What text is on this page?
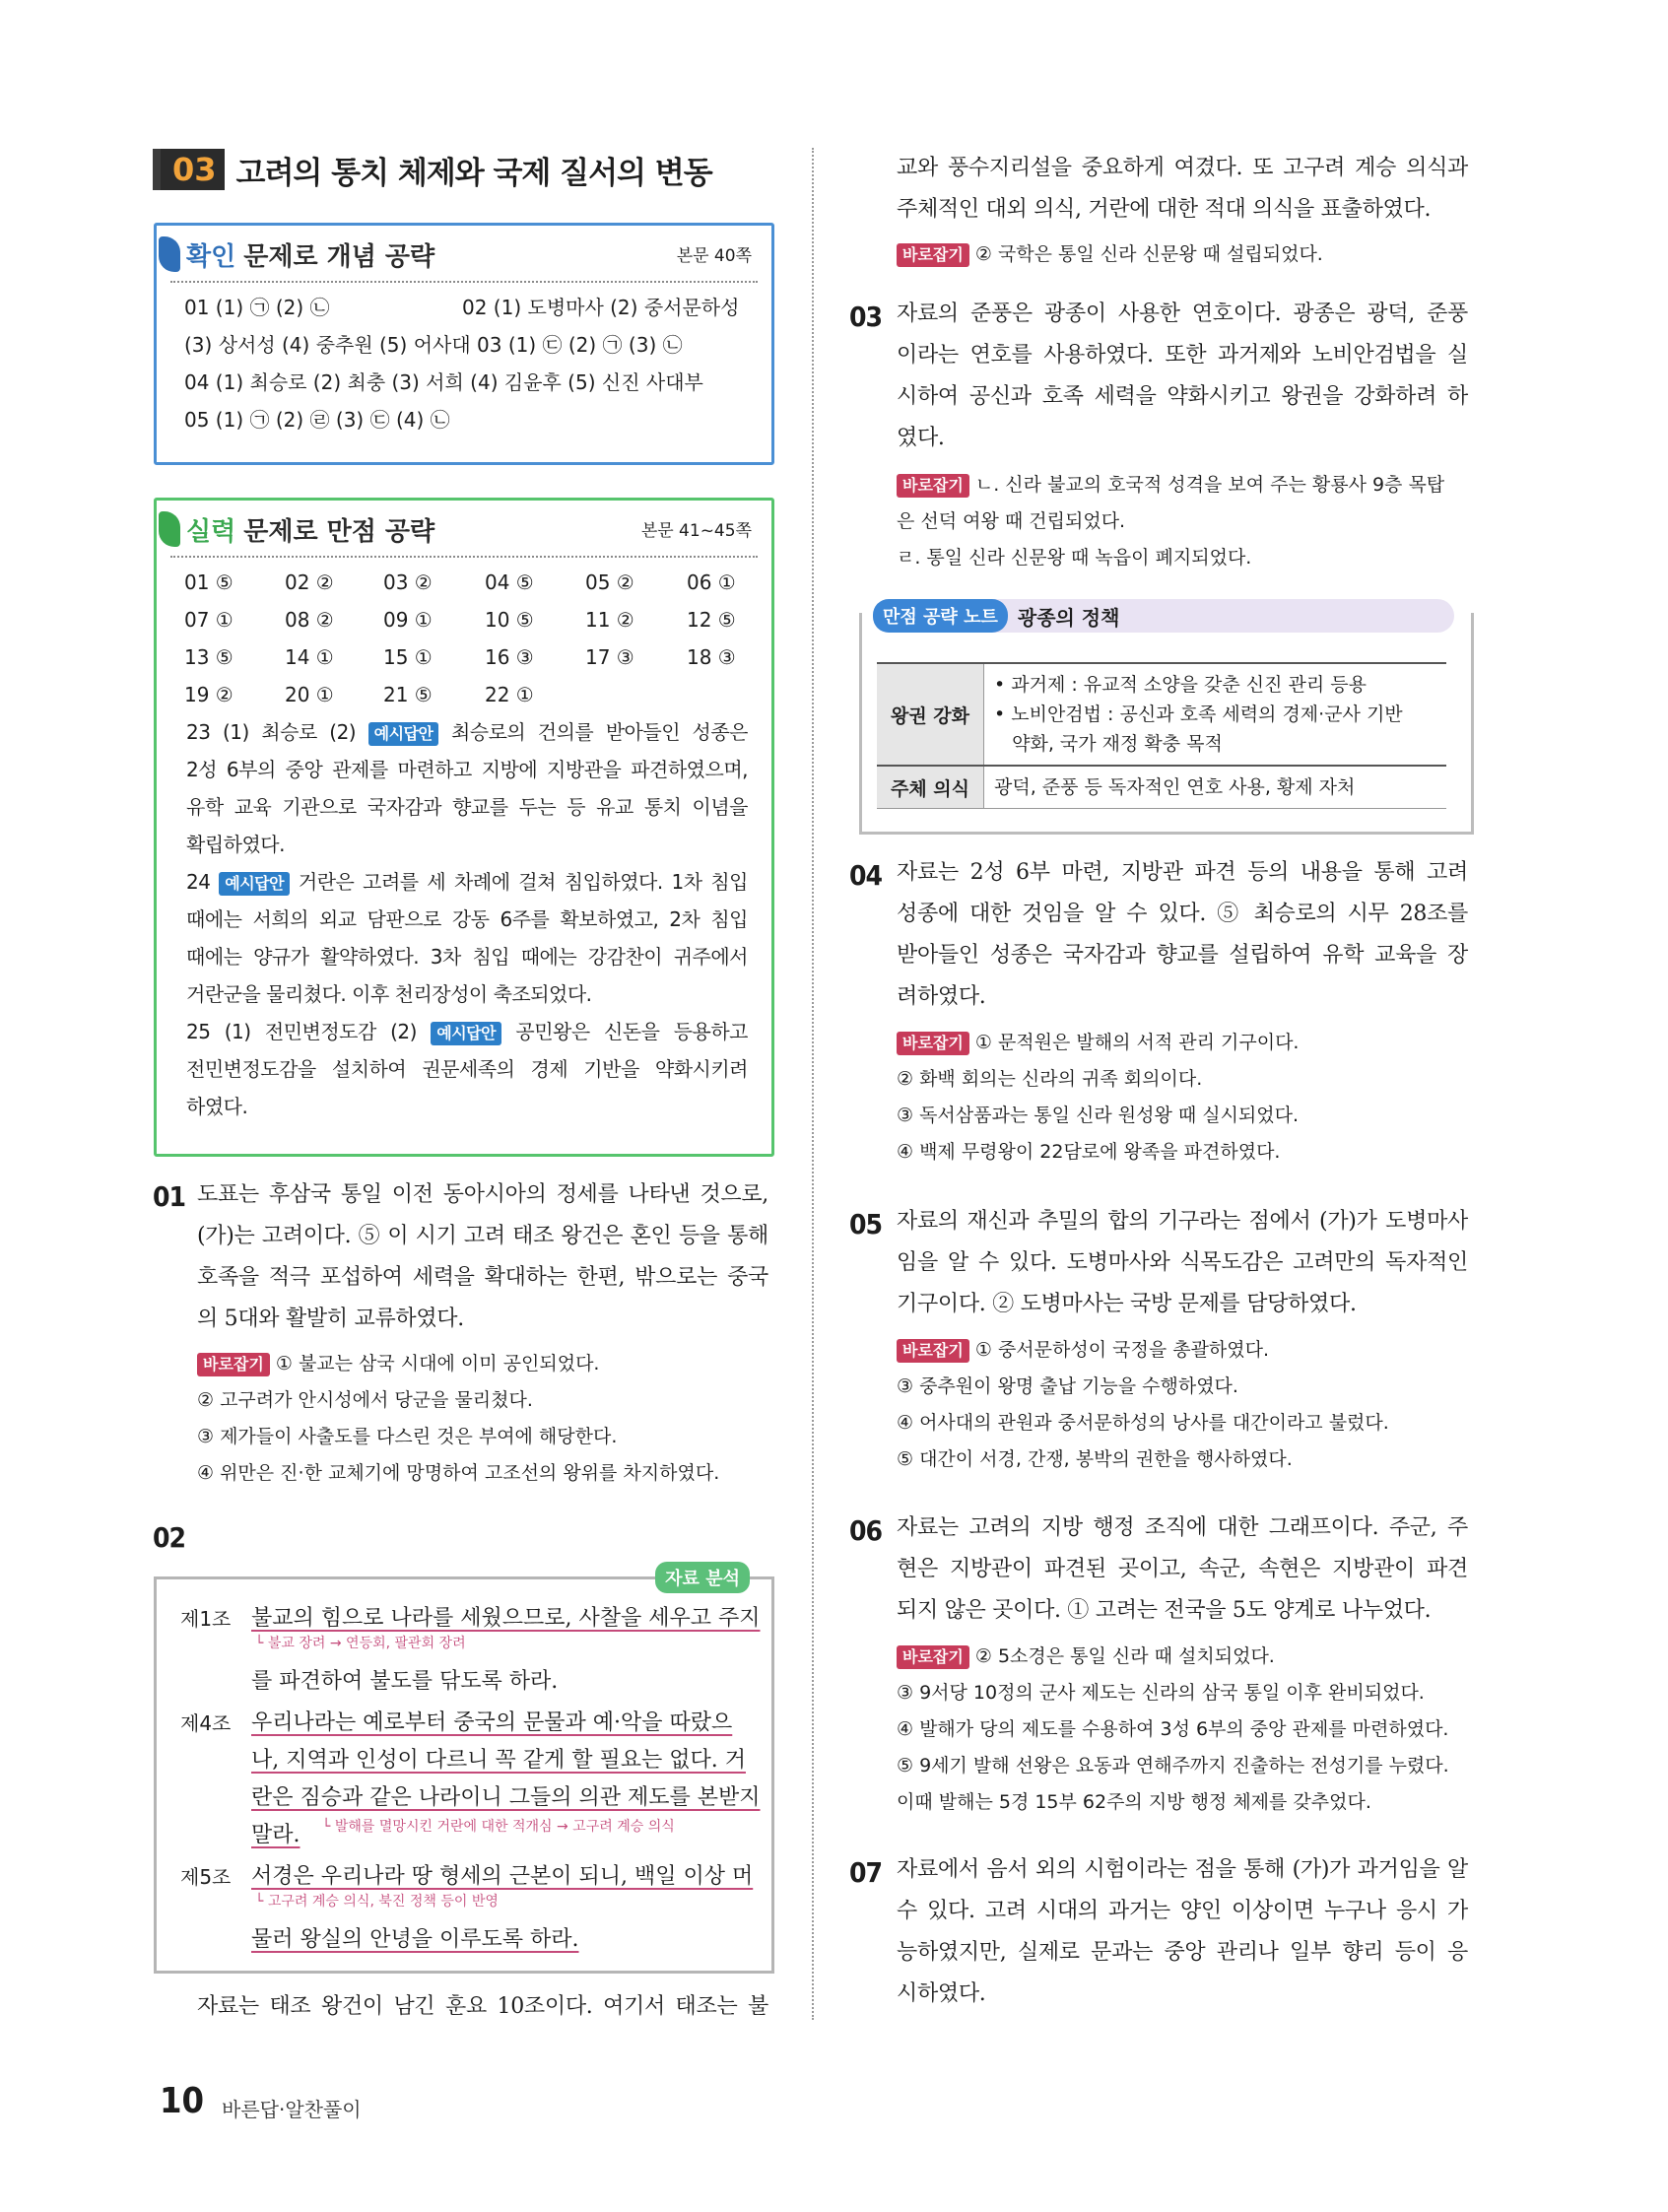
03 고려의 통치 체제와 국제 질서의 변동
확인 문제로 개념 공략	본문 40쪽
01 (1) ㉠ (2) ㉡	02 (1) 도병마사 (2) 중서문하성
(3) 상서성 (4) 중추원 (5) 어사대 03 (1) ㉢ (2) ㉠ (3) ㉡
04 (1) 최승로 (2) 최충 (3) 서희 (4) 김윤후 (5) 신진 사대부
05 (1) ㉠ (2) ㉣ (3) ㉢ (4) ㉡
실력 문제로 만점 공략	본문 41~45쪽
01 ⑤	02 ②	03 ②	04 ⑤	05 ②	06 ①
07 ①	08 ②	09 ①	10 ⑤	11 ②	12 ⑤
13 ⑤	14 ①	15 ①	16 ③	17 ③	18 ③
19 ②	20 ①	21 ⑤	22 ①
23 (1) 최승로 (2) 예시답안 최승로의 건의를 받아들인 성종은
2성 6부의 중앙 관제를 마련하고 지방에 지방관을 파견하였으며,
유학 교육 기관으로 국자감과 향교를 두는 등 유교 통치 이념을
확립하였다.
24 예시답안 거란은 고려를 세 차례에 걸쳐 침입하였다. 1차 침입
때에는 서희의 외교 담판으로 강동 6주를 확보하였고, 2차 침입
때에는 양규가 활약하였다. 3차 침입 때에는 강감찬이 귀주에서
거란군을 물리쳤다. 이후 천리장성이 축조되었다.
25 (1) 전민변정도감 (2) 예시답안 공민왕은 신돈을 등용하고
전민변정도감을 설치하여 권문세족의 경제 기반을 약화시키려
하였다.
01 도표는 후삼국 통일 이전 동아시아의 정세를 나타낸 것으로,
(가)는 고려이다. ⑤ 이 시기 고려 태조 왕건은 혼인 등을 통해
호족을 적극 포섭하여 세력을 확대하는 한편, 밖으로는 중국
의 5대와 활발히 교류하였다.
바로잡기 ① 불교는 삼국 시대에 이미 공인되었다.
② 고구려가 안시성에서 당군을 물리쳤다.
③ 제가들이 사출도를 다스린 것은 부여에 해당한다.
④ 위만은 진·한 교체기에 망명하여 고조선의 왕위를 차지하였다.
02
자료 분석
제1조 불교의 힘으로 나라를 세웠으므로, 사찰을 세우고 주지
└ 불교 장려 → 연등회, 팔관회 장려
를 파견하여 불도를 닦도록 하라.
제4조 우리나라는 예로부터 중국의 문물과 예·악을 따랐으
나, 지역과 인성이 다르니 꼭 같게 할 필요는 없다. 거
란은 짐승과 같은 나라이니 그들의 의관 제도를 본받지
말라. └ 발해를 멸망시킨 거란에 대한 적개심 → 고구려 계승 의식
제5조 서경은 우리나라 땅 형세의 근본이 되니, 백일 이상 머
└ 고구려 계승 의식, 북진 정책 등이 반영
물러 왕실의 안녕을 이루도록 하라.
자료는 태조 왕건이 남긴 훈요 10조이다. 여기서 태조는 불
교와 풍수지리설을 중요하게 여겼다. 또 고구려 계승 의식과
주체적인 대외 의식, 거란에 대한 적대 의식을 표출하였다.
바로잡기 ② 국학은 통일 신라 신문왕 때 설립되었다.
03 자료의 준풍은 광종이 사용한 연호이다. 광종은 광덕, 준풍
이라는 연호를 사용하였다. 또한 과거제와 노비안검법을 실
시하여 공신과 호족 세력을 약화시키고 왕권을 강화하려 하
였다.
바로잡기 ㄴ. 신라 불교의 호국적 성격을 보여 주는 황룡사 9층 목탑
은 선덕 여왕 때 건립되었다.
ㄹ. 통일 신라 신문왕 때 녹읍이 폐지되었다.
만점 공략 노트	광종의 정책
왕권 강화	• 과거제 : 유교적 소양을 갖춘 신진 관리 등용
• 노비안검법 : 공신과 호족 세력의 경제·군사 기반
약화, 국가 재정 확충 목적

주체 의식	광덕, 준풍 등 독자적인 연호 사용, 황제 자처
04 자료는 2성 6부 마련, 지방관 파견 등의 내용을 통해 고려
성종에 대한 것임을 알 수 있다. ⑤ 최승로의 시무 28조를
받아들인 성종은 국자감과 향교를 설립하여 유학 교육을 장
려하였다.
바로잡기 ① 문적원은 발해의 서적 관리 기구이다.
② 화백 회의는 신라의 귀족 회의이다.
③ 독서삼품과는 통일 신라 원성왕 때 실시되었다.
④ 백제 무령왕이 22담로에 왕족을 파견하였다.
05 자료의 재신과 추밀의 합의 기구라는 점에서 (가)가 도병마사
임을 알 수 있다. 도병마사와 식목도감은 고려만의 독자적인
기구이다. ② 도병마사는 국방 문제를 담당하였다.
바로잡기 ① 중서문하성이 국정을 총괄하였다.
③ 중추원이 왕명 출납 기능을 수행하였다.
④ 어사대의 관원과 중서문하성의 낭사를 대간이라고 불렀다.
⑤ 대간이 서경, 간쟁, 봉박의 권한을 행사하였다.
06 자료는 고려의 지방 행정 조직에 대한 그래프이다. 주군, 주
현은 지방관이 파견된 곳이고, 속군, 속현은 지방관이 파견
되지 않은 곳이다. ① 고려는 전국을 5도 양계로 나누었다.
바로잡기 ② 5소경은 통일 신라 때 설치되었다.
③ 9서당 10정의 군사 제도는 신라의 삼국 통일 이후 완비되었다.
④ 발해가 당의 제도를 수용하여 3성 6부의 중앙 관제를 마련하였다.
⑤ 9세기 발해 선왕은 요동과 연해주까지 진출하는 전성기를 누렸다.
이때 발해는 5경 15부 62주의 지방 행정 체제를 갖추었다.
07 자료에서 음서 외의 시험이라는 점을 통해 (가)가 과거임을 알
수 있다. 고려 시대의 과거는 양인 이상이면 누구나 응시 가
능하였지만, 실제로 문과는 중앙 관리나 일부 향리 등이 응
시하였다.
10 바른답·알찬풀이
